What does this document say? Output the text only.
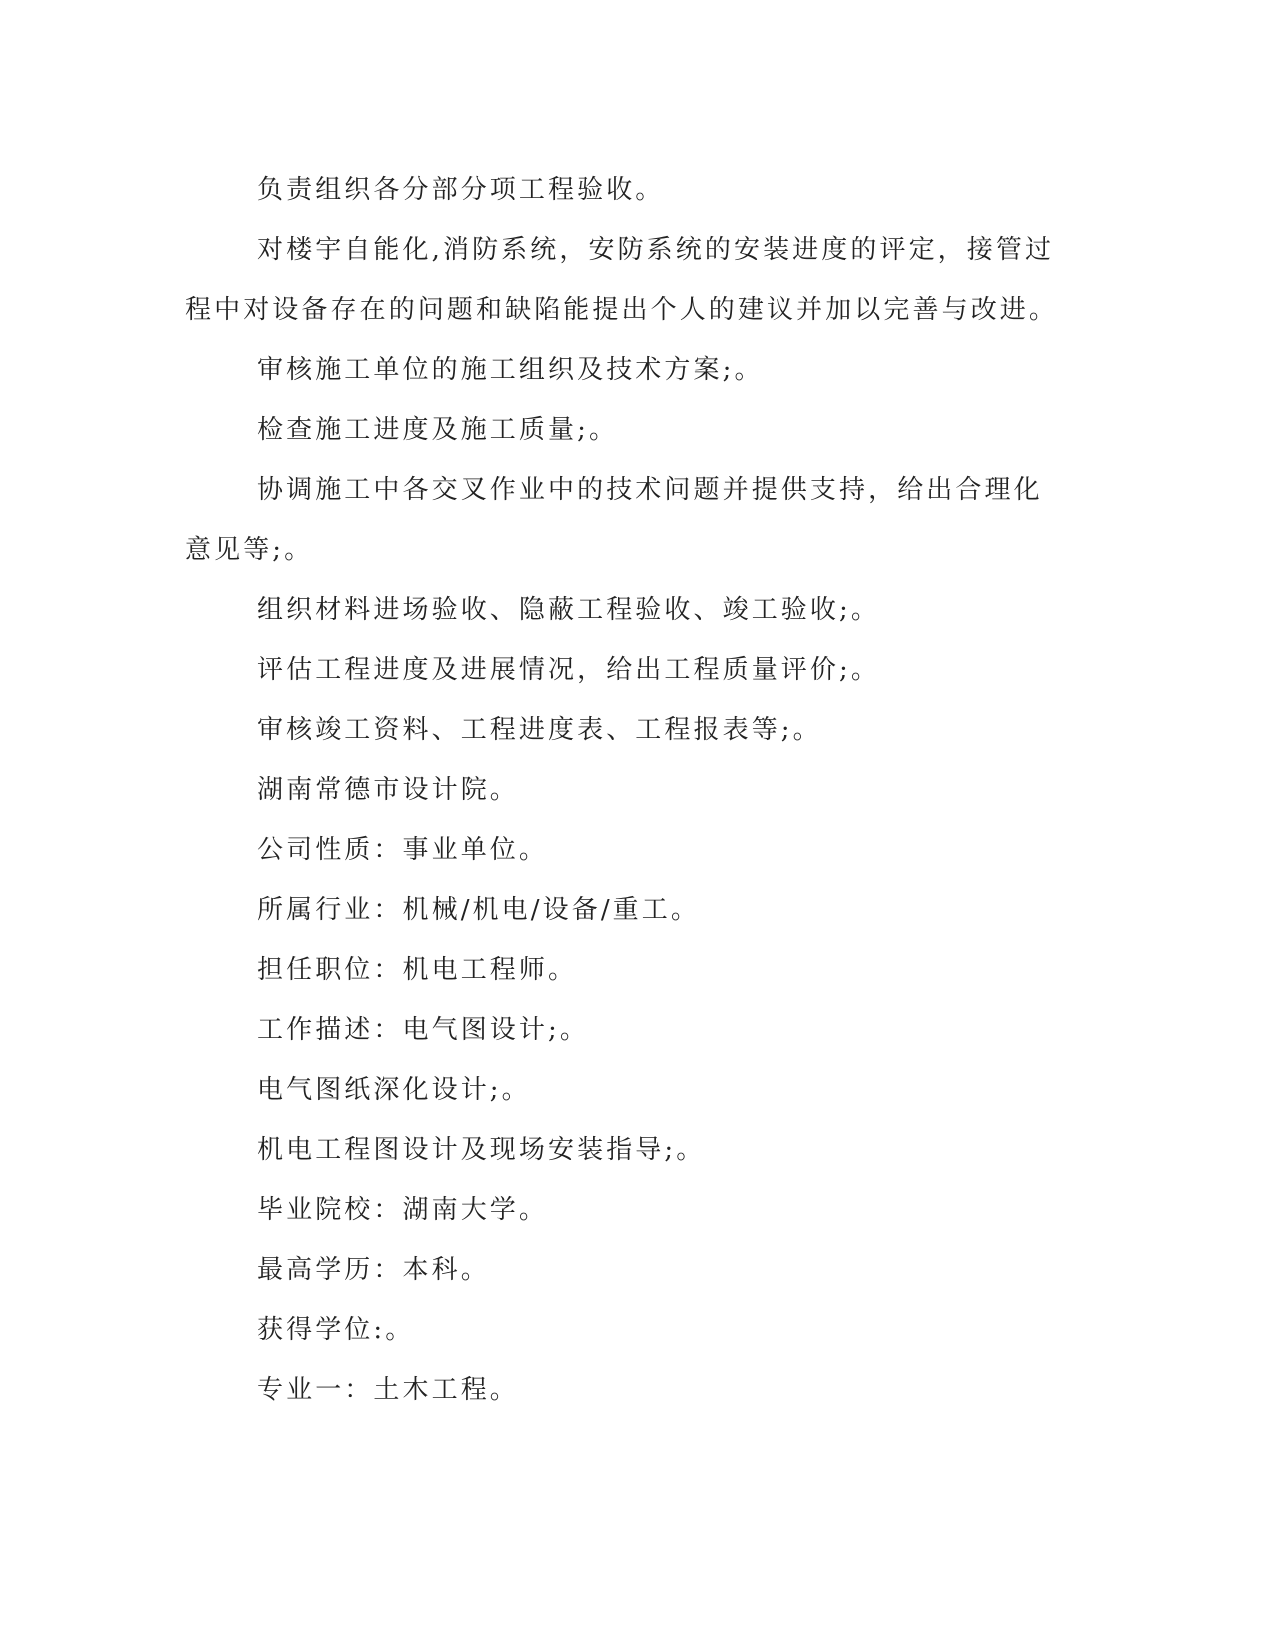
负责组织各分部分项工程验收。

对楼宇自能化,消防系统，安防系统的安装进度的评定，接管过程中对设备存在的问题和缺陷能提出个人的建议并加以完善与改进。

审核施工单位的施工组织及技术方案;。

检查施工进度及施工质量;。

协调施工中各交叉作业中的技术问题并提供支持，给出合理化意见等;。

组织材料进场验收、隐蔽工程验收、竣工验收;。

评估工程进度及进展情况，给出工程质量评价;。

审核竣工资料、工程进度表、工程报表等;。

湖南常德市设计院。

公司性质：事业单位。

所属行业：机械/机电/设备/重工。

担任职位：机电工程师。

工作描述：电气图设计;。

电气图纸深化设计;。

机电工程图设计及现场安装指导;。

毕业院校：湖南大学。

最高学历：本科。

获得学位:。

专业一：土木工程。
